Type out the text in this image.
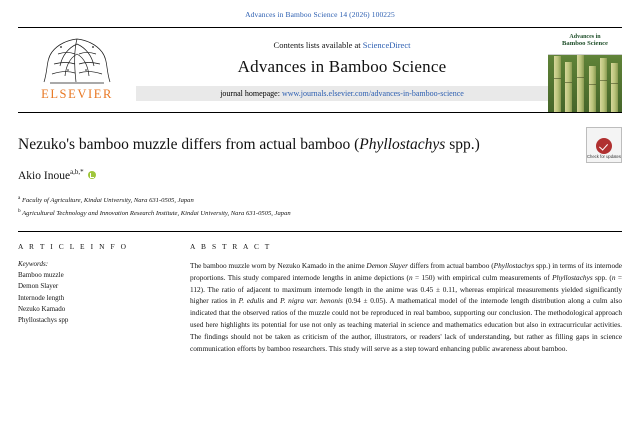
Advances in Bamboo Science 14 (2026) 100225
ELSEVIER
Contents lists available at ScienceDirect
Advances in Bamboo Science
journal homepage: www.journals.elsevier.com/advances-in-bamboo-science
Advances in
Bamboo Science
Nezuko's bamboo muzzle differs from actual bamboo (Phyllostachys spp.)
Check for updates
Akio Inoue$^{a,b,*}$
$^a$ Faculty of Agriculture, Kindai University, Nara 631-0505, Japan
$^b$ Agricultural Technology and Innovation Research Institute, Kindai University, Nara 631-0505, Japan
A R T I C L E I N F O
Keywords:
Bamboo muzzle
Demon Slayer
Internode length
Nezuko Kamado
Phyllostachys spp
A B S T R A C T
The bamboo muzzle worn by Nezuko Kamado in the anime Demon Slayer differs from actual bamboo (Phyllostachys spp.) in terms of its internode proportions. This study compared internode lengths in anime depictions (n = 150) with empirical culm measurements of Phyllostachys spp. (n = 112). The ratio of adjacent to maximum internode length in the anime was 0.45 ± 0.11, whereas empirical measurements yielded significantly higher ratios in P. edulis and P. nigra var. henonis (0.94 ± 0.05). A mathematical model of the internode length distribution along a culm also indicated that the observed ratios of the muzzle could not be reproduced in real bamboo, supporting our conclusion. The methodological approach used here highlights its potential for use not only as teaching material in science and mathematics education but also in extracurricular activities. The findings should not be taken as criticism of the author, illustrators, or readers' lack of understanding, but rather as filling gaps in science communication efforts by bamboo researchers. This study will serve as a step toward enhancing public awareness about bamboo.
